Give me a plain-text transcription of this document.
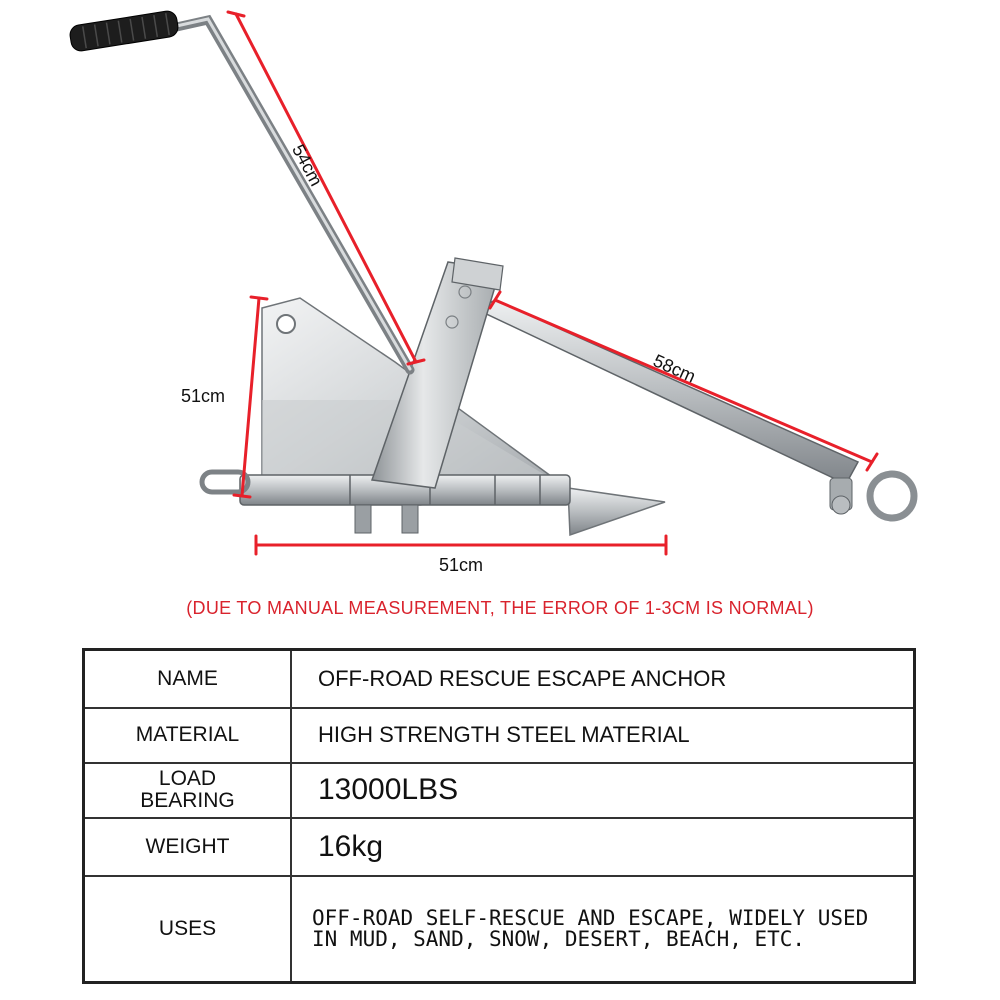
54cm
58cm
51cm
51cm
(DUE TO MANUAL MEASUREMENT, THE ERROR OF 1-3CM IS NORMAL)
NAME	OFF-ROAD RESCUE ESCAPE ANCHOR
MATERIAL	HIGH STRENGTH STEEL MATERIAL
LOAD
BEARING	13000LBS
WEIGHT	16kg
USES	OFF-ROAD SELF-RESCUE AND ESCAPE, WIDELY USED IN MUD, SAND, SNOW, DESERT, BEACH, ETC.
